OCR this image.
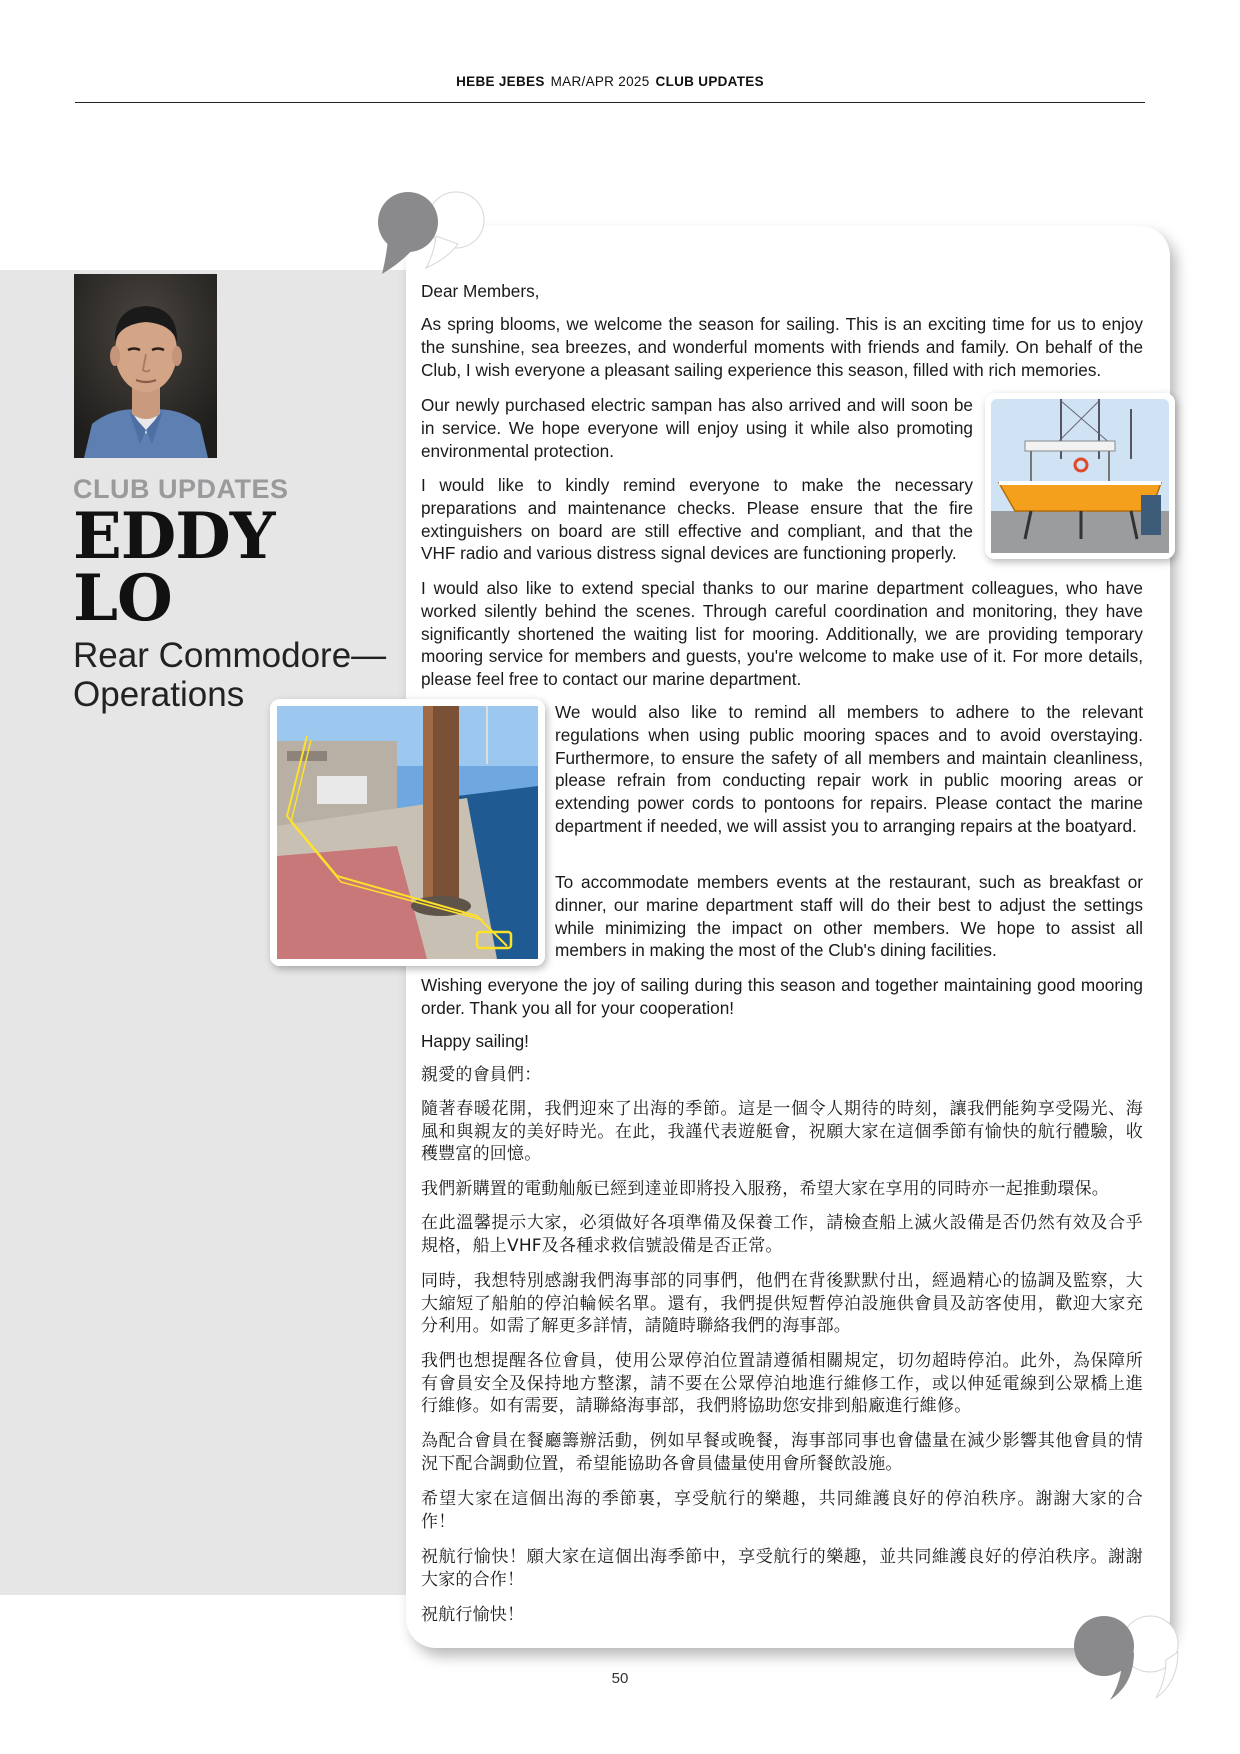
HEBE JEBES MAR/APR 2025 CLUB UPDATES
CLUB UPDATES
EDDY
LO
Rear Commodore—
Operations

Dear Members,

As spring blooms, we welcome the season for sailing. This is an exciting time for us to enjoy the sunshine, sea breezes, and wonderful moments with friends and family. On behalf of the Club, I wish everyone a pleasant sailing experience this season, filled with rich memories.

Our newly purchased electric sampan has also arrived and will soon be in service. We hope everyone will enjoy using it while also promoting environmental protection.

I would like to kindly remind everyone to make the necessary preparations and maintenance checks. Please ensure that the fire extinguishers on board are still effective and compliant, and that the VHF radio and various distress signal devices are functioning properly.

I would also like to extend special thanks to our marine department colleagues, who have worked silently behind the scenes. Through careful coordination and monitoring, they have significantly shortened the waiting list for mooring. Additionally, we are providing temporary mooring service for members and guests, you're welcome to make use of it. For more details, please feel free to contact our marine department.

We would also like to remind all members to adhere to the relevant regulations when using public mooring spaces and to avoid overstaying. Furthermore, to ensure the safety of all members and maintain cleanliness, please refrain from conducting repair work in public mooring areas or extending power cords to pontoons for repairs. Please contact the marine department if needed, we will assist you to arranging repairs at the boatyard.

To accommodate members events at the restaurant, such as breakfast or dinner, our marine department staff will do their best to adjust the settings while minimizing the impact on other members. We hope to assist all members in making the most of the Club's dining facilities.

Wishing everyone the joy of sailing during this season and together maintaining good mooring order. Thank you all for your cooperation!

Happy sailing!

親愛的會員們：

隨著春暖花開，我們迎來了出海的季節。這是一個令人期待的時刻，讓我們能夠享受陽光、海風和與親友的美好時光。在此，我謹代表遊艇會，祝願大家在這個季節有愉快的航行體驗，收穫豐富的回憶。

我們新購置的電動舢舨已經到達並即將投入服務，希望大家在享用的同時亦一起推動環保。

在此溫馨提示大家，必須做好各項準備及保養工作，請檢查船上滅火設備是否仍然有效及合乎規格，船上VHF及各種求救信號設備是否正常。

同時，我想特別感謝我們海事部的同事們，他們在背後默默付出，經過精心的協調及監察，大大縮短了船舶的停泊輪候名單。還有，我們提供短暫停泊設施供會員及訪客使用，歡迎大家充分利用。如需了解更多詳情，請隨時聯絡我們的海事部。

我們也想提醒各位會員，使用公眾停泊位置請遵循相關規定，切勿超時停泊。此外，為保障所有會員安全及保持地方整潔，請不要在公眾停泊地進行維修工作，或以伸延電線到公眾橋上進行維修。如有需要，請聯絡海事部，我們將協助您安排到船廠進行維修。

為配合會員在餐廳籌辦活動，例如早餐或晚餐，海事部同事也會儘量在減少影響其他會員的情況下配合調動位置，希望能協助各會員儘量使用會所餐飲設施。

希望大家在這個出海的季節裏，享受航行的樂趣，共同維護良好的停泊秩序。謝謝大家的合作！

祝航行愉快！願大家在這個出海季節中，享受航行的樂趣，並共同維護良好的停泊秩序。謝謝大家的合作！

祝航行愉快！

50
